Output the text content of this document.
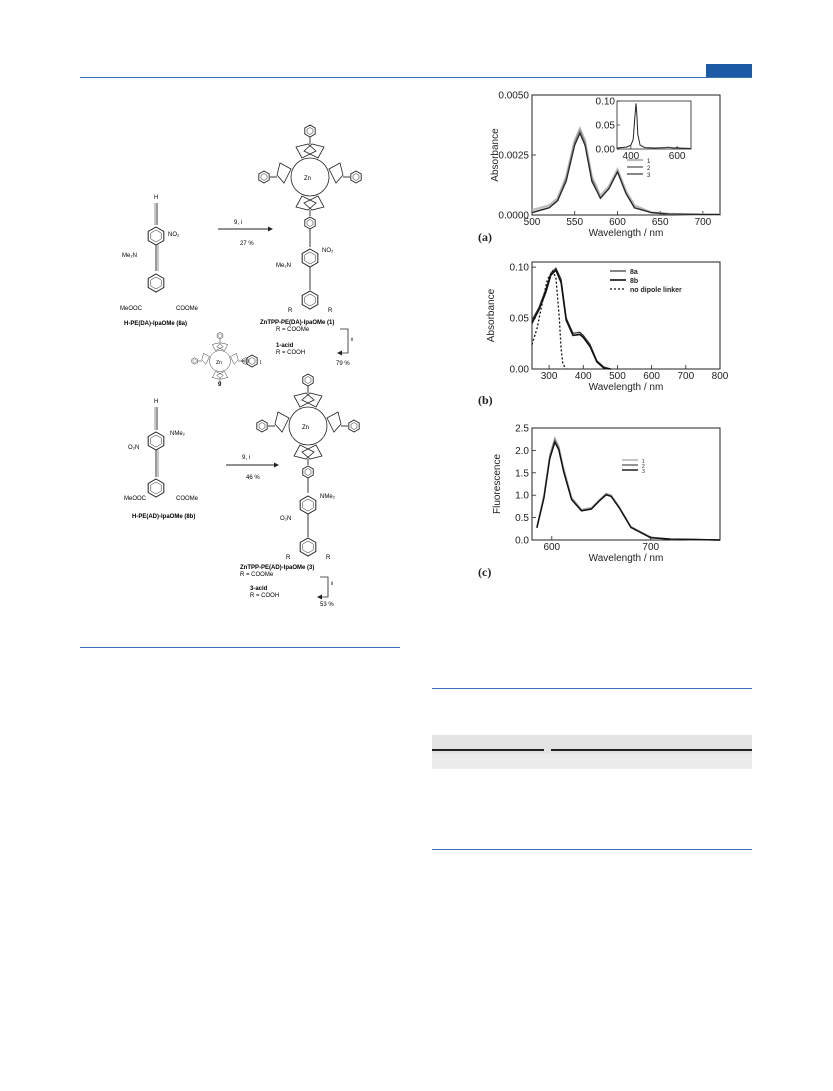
H
NO₂
Me₂N
MeOOC	COOMe
H-PE(DA)-IpaOMe (8a)
9, i
27 %
Zn
NO₂
Me₂N
R	R
ZnTPP-PE(DA)-IpaOMe (1)
R = COOMe
ii
1-acid
R = COOH
79 %
Zn	I
9
H
NMe₂
O₂N
MeOOC	COOMe
H-PE(AD)-IpaOMe (8b)
9, i
46 %
Zn
NMe₂
O₂N
R	R
ZnTPP-PE(AD)-IpaOMe (3)
R = COOMe
ii
3-acid
R = COOH
53 %
500	550	600	650	700
0.0000
0.0025
0.0050
Wavelength / nm
Absorbance	1
2
3
400	600
0.00
0.05
0.10
(a)
300 400 500 600 700 800
0.00
0.05
0.10
Wavelength / nm
Absorbance
8a
8b
no dipole linker
(b)
600	700
0.0
0.5
1.0
1.5
2.0
2.5
Wavelength / nm
Fluorescence	1
2
3
(c)
